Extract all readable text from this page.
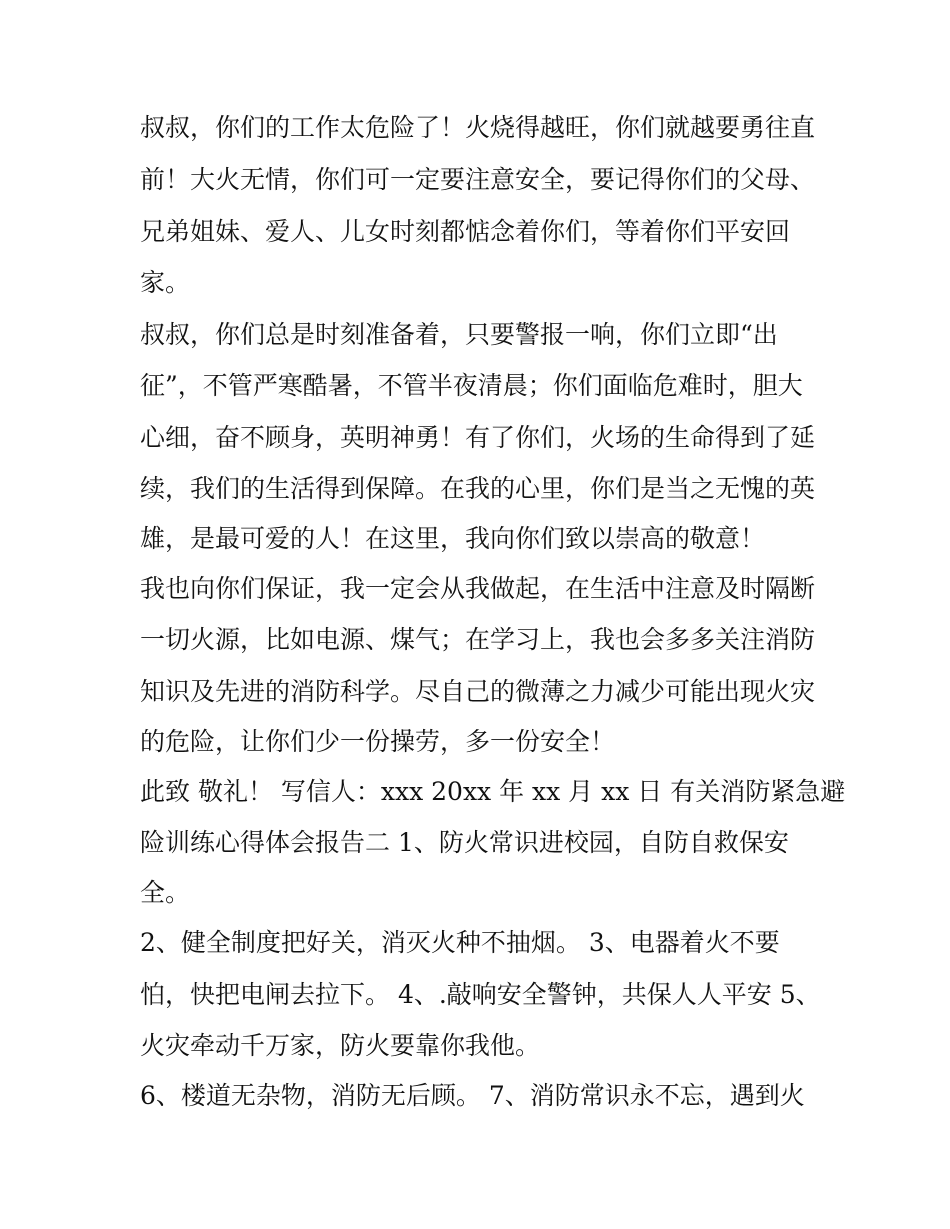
叔叔，你们的工作太危险了！火烧得越旺，你们就越要勇往直
前！大火无情，你们可一定要注意安全，要记得你们的父母、
兄弟姐妹、爱人、儿女时刻都惦念着你们，等着你们平安回
家。
叔叔，你们总是时刻准备着，只要警报一响，你们立即“出
征”，不管严寒酷暑，不管半夜清晨；你们面临危难时，胆大
心细，奋不顾身，英明神勇！有了你们，火场的生命得到了延
续，我们的生活得到保障。在我的心里，你们是当之无愧的英
雄，是最可爱的人！在这里，我向你们致以崇高的敬意！
我也向你们保证，我一定会从我做起，在生活中注意及时隔断
一切火源，比如电源、煤气；在学习上，我也会多多关注消防
知识及先进的消防科学。尽自己的微薄之力减少可能出现火灾
的危险，让你们少一份操劳，多一份安全！
此致 敬礼！ 写信人：xxx 20xx 年 xx 月 xx 日 有关消防紧急避
险训练心得体会报告二 1、防火常识进校园，自防自救保安
全。
2、健全制度把好关，消灭火种不抽烟。 3、电器着火不要
怕，快把电闸去拉下。 4、.敲响安全警钟，共保人人平安 5、
火灾牵动千万家，防火要靠你我他。
6、楼道无杂物，消防无后顾。 7、消防常识永不忘，遇到火
